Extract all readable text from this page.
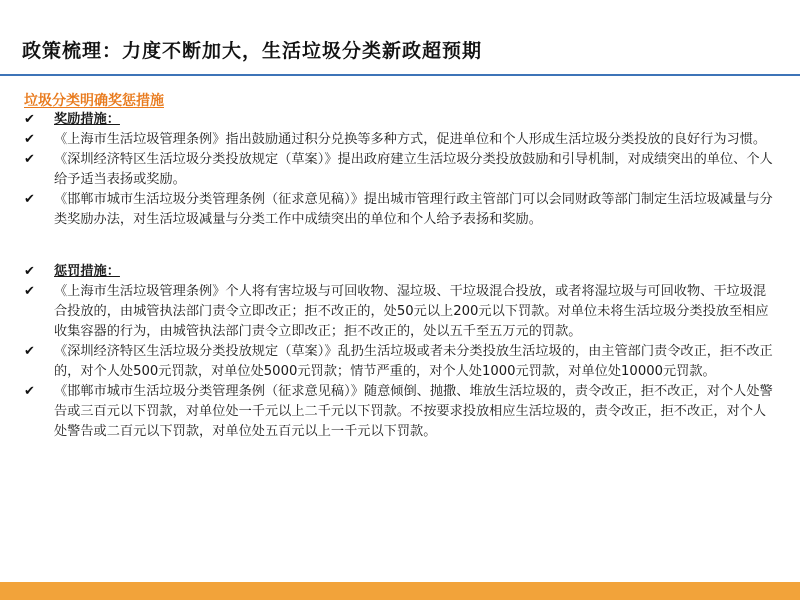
政策梳理：力度不断加大，生活垃圾分类新政超预期
垃圾分类明确奖惩措施
✔ 奖励措施：
✔ 《上海市生活垃圾管理条例》指出鼓励通过积分兑换等多种方式，促进单位和个人形成生活垃圾分类投放的良好行为习惯。
✔ 《深圳经济特区生活垃圾分类投放规定（草案）》提出政府建立生活垃圾分类投放鼓励和引导机制，对成绩突出的单位、个人给予适当表扬或奖励。
✔ 《邯郸市城市生活垃圾分类管理条例（征求意见稿）》提出城市管理行政主管部门可以会同财政等部门制定生活垃圾减量与分类奖励办法，对生活垃圾减量与分类工作中成绩突出的单位和个人给予表扬和奖励。
✔ 惩罚措施：
✔ 《上海市生活垃圾管理条例》个人将有害垃圾与可回收物、湿垃圾、干垃圾混合投放，或者将湿垃圾与可回收物、干垃圾混合投放的，由城管执法部门责令立即改正；拒不改正的，处50元以上200元以下罚款。对单位未将生活垃圾分类投放至相应收集容器的行为，由城管执法部门责令立即改正；拒不改正的，处以五千至五万元的罚款。
✔ 《深圳经济特区生活垃圾分类投放规定（草案）》乱扔生活垃圾或者未分类投放生活垃圾的，由主管部门责令改正，拒不改正的，对个人处500元罚款，对单位处5000元罚款；情节严重的，对个人处1000元罚款，对单位处10000元罚款。
✔ 《邯郸市城市生活垃圾分类管理条例（征求意见稿）》随意倾倒、抛撒、堆放生活垃圾的，责令改正，拒不改正，对个人处警告或三百元以下罚款，对单位处一千元以上二千元以下罚款。不按要求投放相应生活垃圾的，责令改正，拒不改正，对个人处警告或二百元以下罚款，对单位处五百元以上一千元以下罚款。
